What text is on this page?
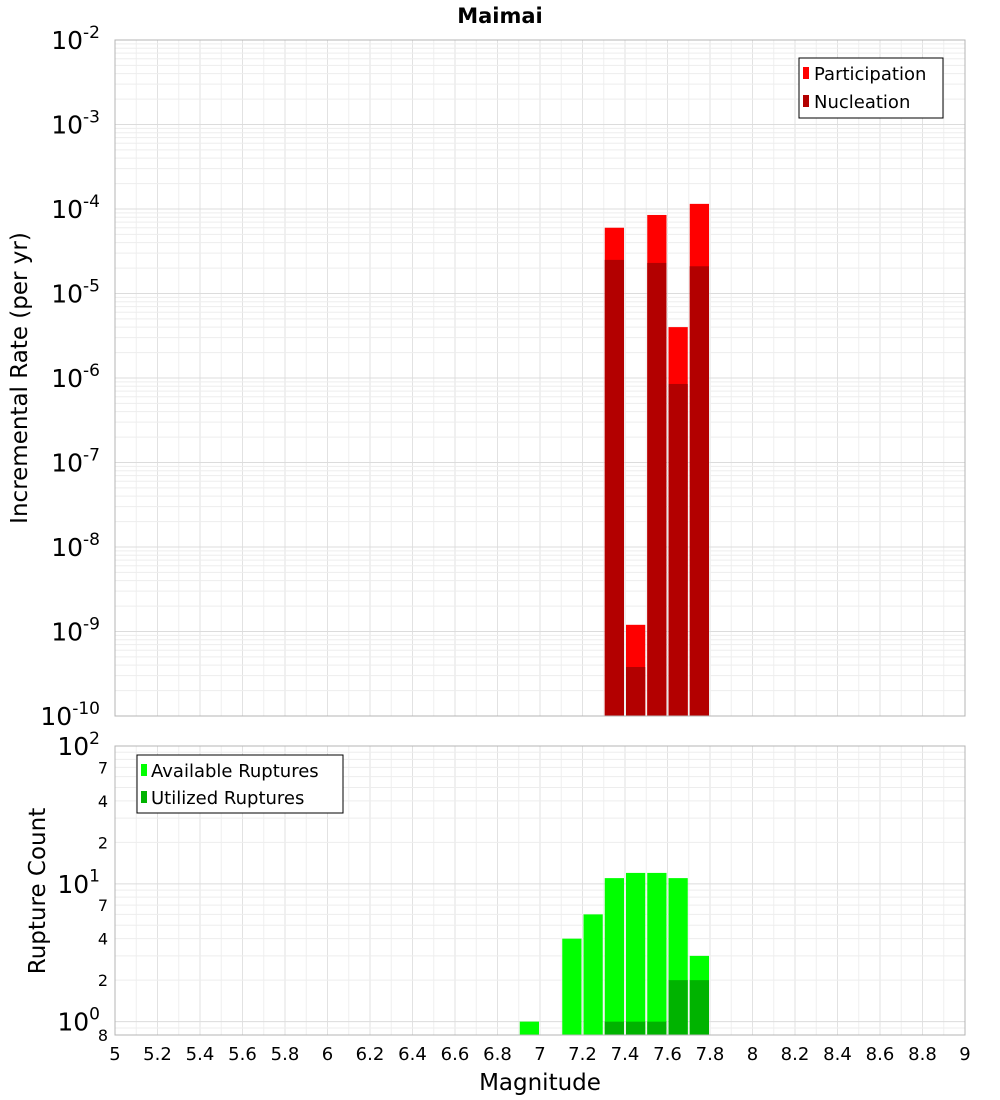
Maimai
$10^{-10}$
$10^{-9}$
$10^{-8}$
$10^{-7}$
$10^{-6}$
$10^{-5}$
$10^{-4}$
$10^{-3}$
$10^{-2}$
Incremental Rate (per yr)
Participation
Nucleation
8
$10^0$
2
4
7
$10^1$
2
4
7
$10^2$
5 5.2 5.4 5.6 5.8 6 6.2 6.4 6.6 6.8 7 7.2 7.4 7.6 7.8 8 8.2 8.4 8.6 8.8 9
Rupture Count
Magnitude
Available Ruptures
Utilized Ruptures
